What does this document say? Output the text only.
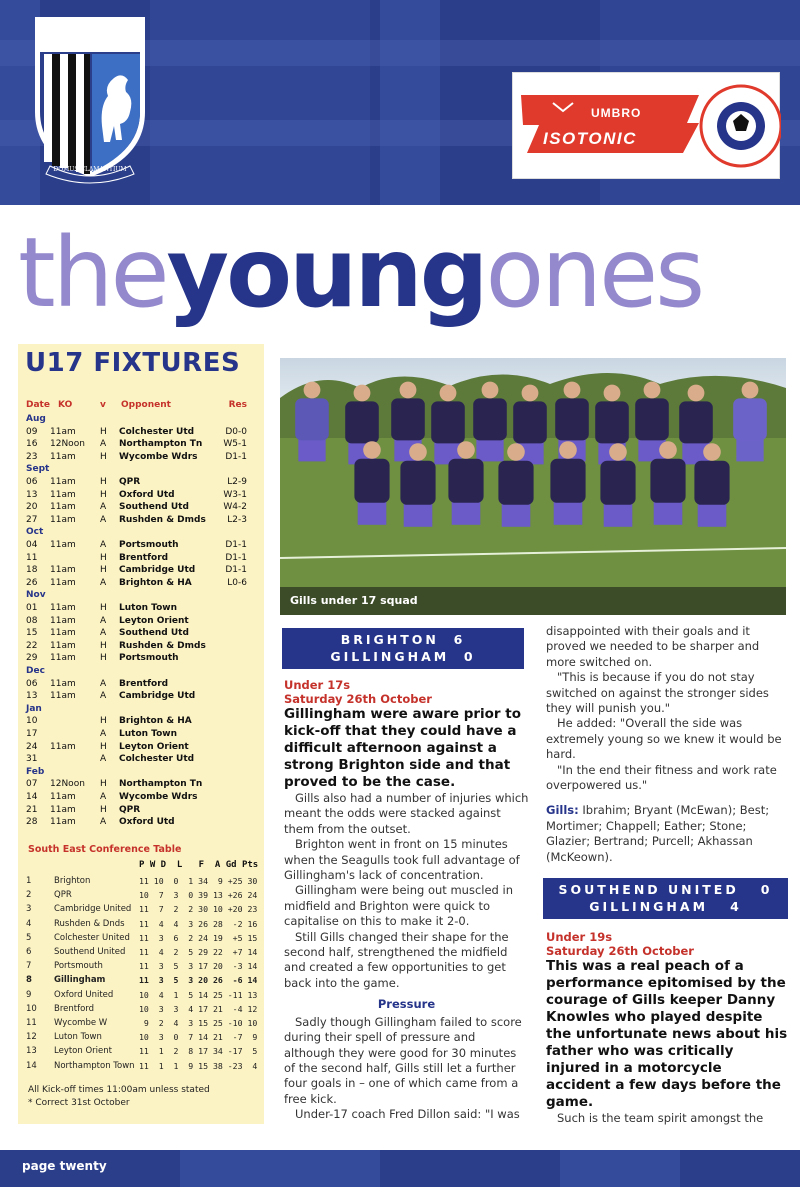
GILLINGHAM
FOOTBALL CLUB
DOMUS CLAMANTIUM
UMBRO
ISOTONIC
theyoungones
U17 FIXTURES
Date KO	v Opponent	Res
Aug
09 11am	H Colchester Utd	D0-0
16 12Noon A Northampton Tn W5-1
23 11am	H Wycombe Wdrs	D1-1
Sept
06 11am	H QPR	L2-9
13 11am	H Oxford Utd	W3-1
20 11am	A Southend Utd	W4-2
27 11am	A Rushden & Dmds L2-3
Oct
04 11am	A Portsmouth	D1-1
11	H Brentford	D1-1
18 11am	H Cambridge Utd	D1-1
26 11am	A Brighton & HA	L0-6
Nov
01 11am	H Luton Town
08 11am	A Leyton Orient
15 11am	A Southend Utd
22 11am	H Rushden & Dmds
29 11am	H Portsmouth
Dec
06 11am	A Brentford
13 11am	A Cambridge Utd
Jan
10	H Brighton & HA
17	A Luton Town
24 11am	H Leyton Orient
31	A Colchester Utd
Feb
07 12Noon H Northampton Tn
14 11am	A Wycombe Wdrs
21 11am	H QPR
28 11am	A Oxford Utd
South East Conference Table
P W D  L   F  A Gd Pts
1	Brighton	11 10  0  1 34  9 +25 30
2	QPR	10  7  3  0 39 13 +26 24
3	Cambridge United 11  7  2  2 30 10 +20 23
4	Rushden & Dnds 11  4  4  3 26 28  -2 16
5	Colchester United 11  3  6  2 24 19  +5 15
6	Southend United 11  4  2  5 29 22  +7 14
7	Portsmouth	11  3  5  3 17 20  -3 14
8	Gillingham	11  3  5  3 20 26  -6 14
9	Oxford United	10  4  1  5 14 25 -11 13
10 Brentford	10  3  3  4 17 21  -4 12
11 Wycombe W	9  2  4  3 15 25 -10 10
12 Luton Town	10  3  0  7 14 21  -7  9
13 Leyton Orient	11  1  2  8 17 34 -17  5
14 Northampton Town 11  1  1  9 15 38 -23  4
All Kick-off times 11:00am unless stated
* Correct 31st October
Gills under 17 squad
BRIGHTON 6
GILLINGHAM 0
Under 17s
Saturday 26th October
Gillingham were aware prior to kick-off that they could have a difficult afternoon against a strong Brighton side and that proved to be the case.

Gills also had a number of injuries which meant the odds were stacked against them from the outset.

Brighton went in front on 15 minutes when the Seagulls took full advantage of Gillingham's lack of concentration.

Gillingham were being out muscled in midfield and Brighton were quick to capitalise on this to make it 2-0.

Still Gills changed their shape for the second half, strengthened the midfield and created a few opportunities to get back into the game.

Pressure

Sadly though Gillingham failed to score during their spell of pressure and although they were good for 30 minutes of the second half, Gills still let a further four goals in – one of which came from a free kick.

Under-17 coach Fred Dillon said: "I was

disappointed with their goals and it proved we needed to be sharper and more switched on.

"This is because if you do not stay switched on against the stronger sides they will punish you."

He added: "Overall the side was extremely young so we knew it would be hard.

"In the end their fitness and work rate overpowered us."

Gills: Ibrahim; Bryant (McEwan); Best; Mortimer; Chappell; Eather; Stone; Glazier; Bertrand; Purcell; Akhassan (McKeown).

SOUTHEND UNITED 0
GILLINGHAM 4
Under 19s
Saturday 26th October
This was a real peach of a performance epitomised by the courage of Gills keeper Danny Knowles who played despite the unfortunate news about his father who was critically injured in a motorcycle accident a few days before the game.

Such is the team spirit amongst the

page twenty
